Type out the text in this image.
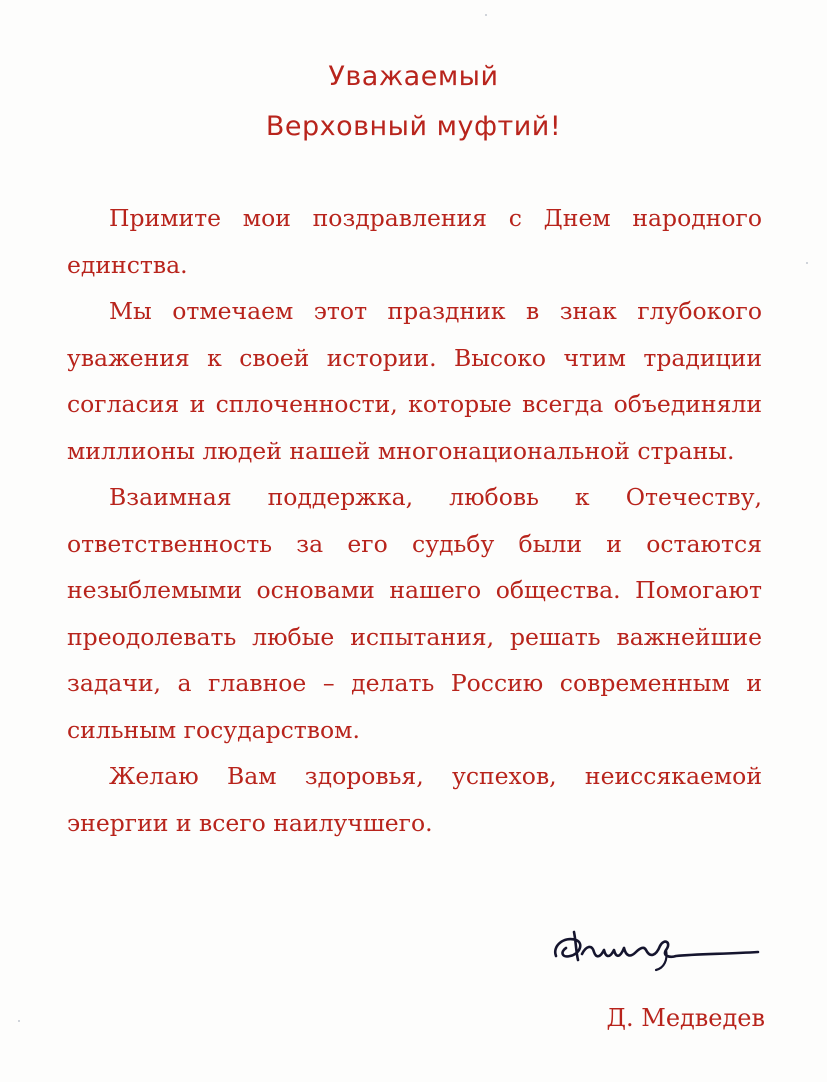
Уважаемый
Верховный муфтий!

Примите мои поздравления с Днем народного единства.

Мы отмечаем этот праздник в знак глубокого уважения к своей истории. Высоко чтим традиции согласия и сплоченности, которые всегда объединяли миллионы людей нашей многонациональной страны.

Взаимная поддержка, любовь к Отечеству, ответственность за его судьбу были и остаются незыблемыми основами нашего общества. Помогают преодолевать любые испытания, решать важнейшие задачи, а главное – делать Россию современным и сильным государством.

Желаю Вам здоровья, успехов, неиссякаемой энергии и всего наилучшего.

Д. Медведев
